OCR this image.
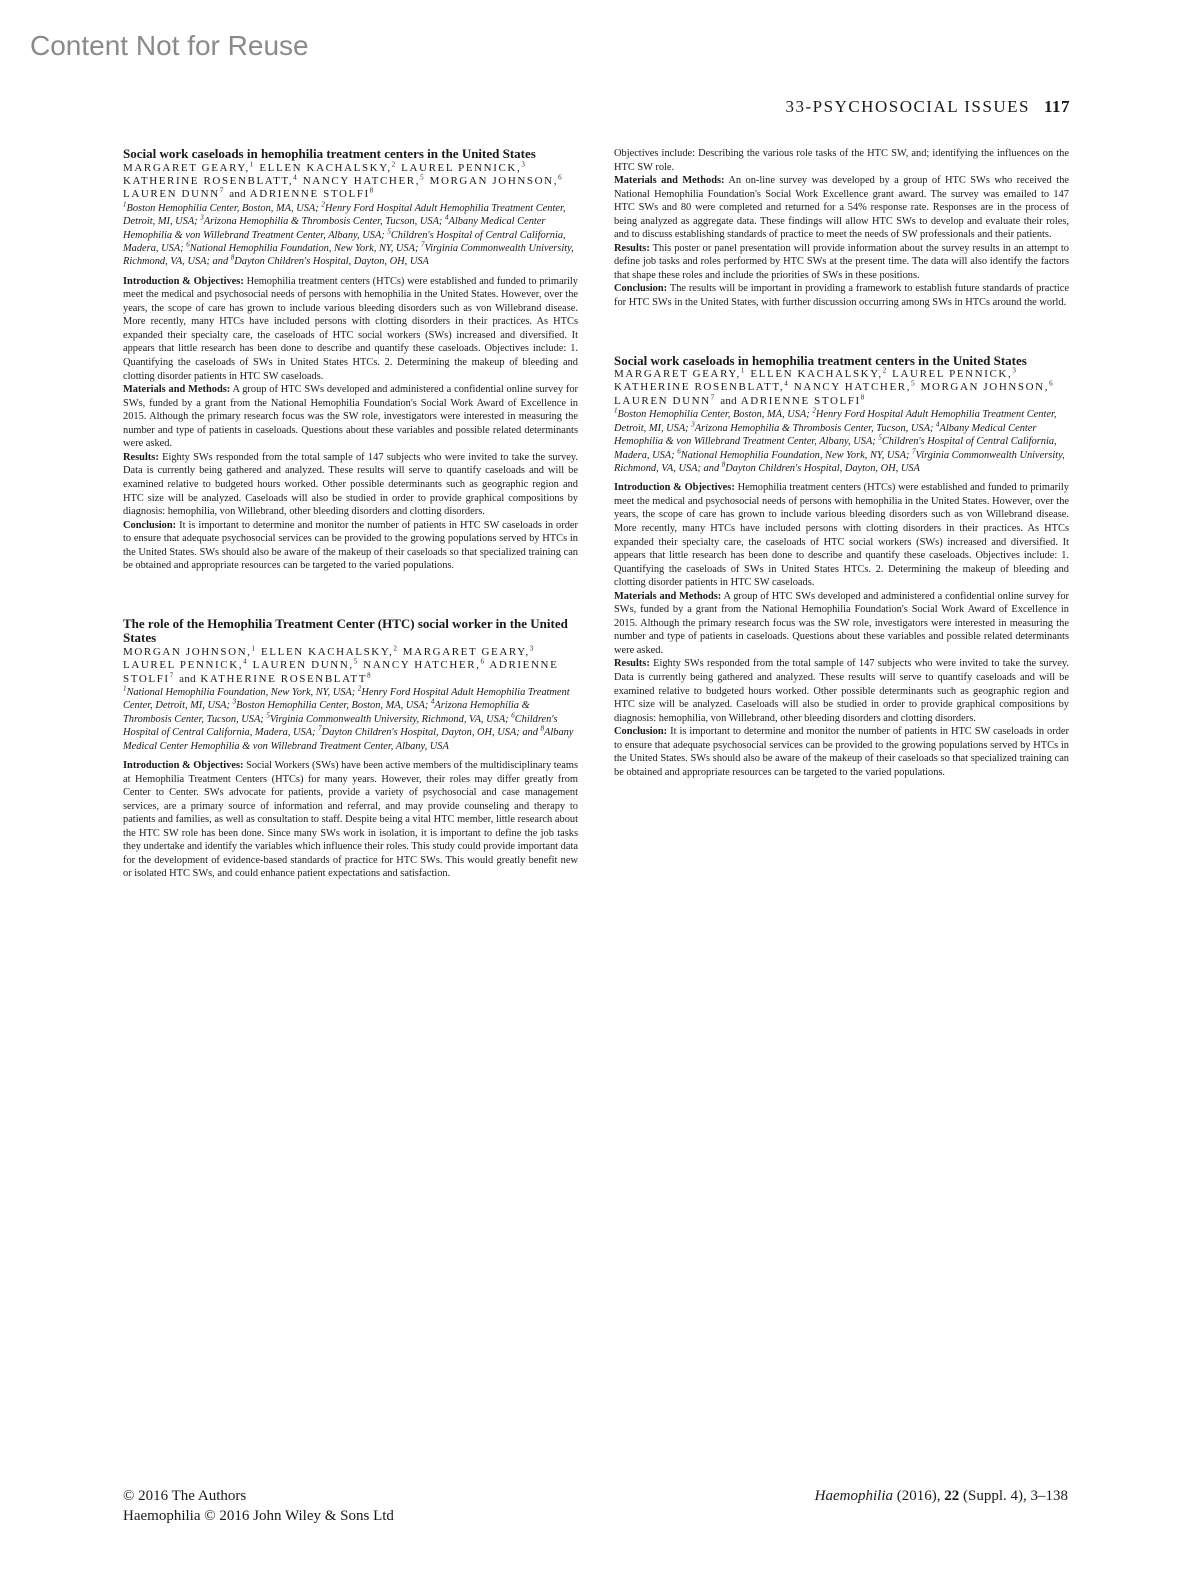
Content Not for Reuse
33-PSYCHOSOCIAL ISSUES 117
Social work caseloads in hemophilia treatment centers in the United States
MARGARET GEARY,$^1$ ELLEN KACHALSKY,$^2$ LAUREL PENNICK,$^3$ KATHERINE ROSENBLATT,$^4$ NANCY HATCHER,$^5$ MORGAN JOHNSON,$^6$ LAUREN DUNN$^7$ and ADRIENNE STOLFI$^8$
$^1$Boston Hemophilia Center, Boston, MA, USA; $^2$Henry Ford Hospital Adult Hemophilia Treatment Center, Detroit, MI, USA; $^3$Arizona Hemophilia & Thrombosis Center, Tucson, USA; $^4$Albany Medical Center Hemophilia & von Willebrand Treatment Center, Albany, USA; $^5$Children's Hospital of Central California, Madera, USA; $^6$National Hemophilia Foundation, New York, NY, USA; $^7$Virginia Commonwealth University, Richmond, VA, USA; and $^8$Dayton Children's Hospital, Dayton, OH, USA

Introduction & Objectives: Hemophilia treatment centers (HTCs) were established and funded to primarily meet the medical and psychosocial needs of persons with hemophilia in the United States. However, over the years, the scope of care has grown to include various bleeding disorders such as von Willebrand disease. More recently, many HTCs have included persons with clotting disorders in their practices. As HTCs expanded their specialty care, the caseloads of HTC social workers (SWs) increased and diversified. It appears that little research has been done to describe and quantify these caseloads. Objectives include: 1. Quantifying the caseloads of SWs in United States HTCs. 2. Determining the makeup of bleeding and clotting disorder patients in HTC SW caseloads.

Materials and Methods: A group of HTC SWs developed and administered a confidential online survey for SWs, funded by a grant from the National Hemophilia Foundation's Social Work Award of Excellence in 2015. Although the primary research focus was the SW role, investigators were interested in measuring the number and type of patients in caseloads. Questions about these variables and possible related determinants were asked.

Results: Eighty SWs responded from the total sample of 147 subjects who were invited to take the survey. Data is currently being gathered and analyzed. These results will serve to quantify caseloads and will be examined relative to budgeted hours worked. Other possible determinants such as geographic region and HTC size will be analyzed. Caseloads will also be studied in order to provide graphical compositions by diagnosis: hemophilia, von Willebrand, other bleeding disorders and clotting disorders.

Conclusion: It is important to determine and monitor the number of patients in HTC SW caseloads in order to ensure that adequate psychosocial services can be provided to the growing populations served by HTCs in the United States. SWs should also be aware of the makeup of their caseloads so that specialized training can be obtained and appropriate resources can be targeted to the varied populations.

The role of the Hemophilia Treatment Center (HTC) social worker in the United States
MORGAN JOHNSON,$^1$ ELLEN KACHALSKY,$^2$ MARGARET GEARY,$^3$ LAUREL PENNICK,$^4$ LAUREN DUNN,$^5$ NANCY HATCHER,$^6$ ADRIENNE STOLFI$^7$ and KATHERINE ROSENBLATT$^8$
$^1$National Hemophilia Foundation, New York, NY, USA; $^2$Henry Ford Hospital Adult Hemophilia Treatment Center, Detroit, MI, USA; $^3$Boston Hemophilia Center, Boston, MA, USA; $^4$Arizona Hemophilia & Thrombosis Center, Tucson, USA; $^5$Virginia Commonwealth University, Richmond, VA, USA; $^6$Children's Hospital of Central California, Madera, USA; $^7$Dayton Children's Hospital, Dayton, OH, USA; and $^8$Albany Medical Center Hemophilia & von Willebrand Treatment Center, Albany, USA

Introduction & Objectives: Social Workers (SWs) have been active members of the multidisciplinary teams at Hemophilia Treatment Centers (HTCs) for many years. However, their roles may differ greatly from Center to Center. SWs advocate for patients, provide a variety of psychosocial and case management services, are a primary source of information and referral, and may provide counseling and therapy to patients and families, as well as consultation to staff. Despite being a vital HTC member, little research about the HTC SW role has been done. Since many SWs work in isolation, it is important to define the job tasks they undertake and identify the variables which influence their roles. This study could provide important data for the development of evidence-based standards of practice for HTC SWs. This would greatly benefit new or isolated HTC SWs, and could enhance patient expectations and satisfaction.

Objectives include: Describing the various role tasks of the HTC SW, and; identifying the influences on the HTC SW role.

Materials and Methods: An on-line survey was developed by a group of HTC SWs who received the National Hemophilia Foundation's Social Work Excellence grant award. The survey was emailed to 147 HTC SWs and 80 were completed and returned for a 54% response rate. Responses are in the process of being analyzed as aggregate data. These findings will allow HTC SWs to develop and evaluate their roles, and to discuss establishing standards of practice to meet the needs of SW professionals and their patients.

Results: This poster or panel presentation will provide information about the survey results in an attempt to define job tasks and roles performed by HTC SWs at the present time. The data will also identify the factors that shape these roles and include the priorities of SWs in these positions.

Conclusion: The results will be important in providing a framework to establish future standards of practice for HTC SWs in the United States, with further discussion occurring among SWs in HTCs around the world.

Social work caseloads in hemophilia treatment centers in the United States
MARGARET GEARY,$^1$ ELLEN KACHALSKY,$^2$ LAUREL PENNICK,$^3$ KATHERINE ROSENBLATT,$^4$ NANCY HATCHER,$^5$ MORGAN JOHNSON,$^6$ LAUREN DUNN$^7$ and ADRIENNE STOLFI$^8$
$^1$Boston Hemophilia Center, Boston, MA, USA; $^2$Henry Ford Hospital Adult Hemophilia Treatment Center, Detroit, MI, USA; $^3$Arizona Hemophilia & Thrombosis Center, Tucson, USA; $^4$Albany Medical Center Hemophilia & von Willebrand Treatment Center, Albany, USA; $^5$Children's Hospital of Central California, Madera, USA; $^6$National Hemophilia Foundation, New York, NY, USA; $^7$Virginia Commonwealth University, Richmond, VA, USA; and $^8$Dayton Children's Hospital, Dayton, OH, USA

Introduction & Objectives: Hemophilia treatment centers (HTCs) were established and funded to primarily meet the medical and psychosocial needs of persons with hemophilia in the United States. However, over the years, the scope of care has grown to include various bleeding disorders such as von Willebrand disease. More recently, many HTCs have included persons with clotting disorders in their practices. As HTCs expanded their specialty care, the caseloads of HTC social workers (SWs) increased and diversified. It appears that little research has been done to describe and quantify these caseloads. Objectives include: 1. Quantifying the caseloads of SWs in United States HTCs. 2. Determining the makeup of bleeding and clotting disorder patients in HTC SW caseloads.

Materials and Methods: A group of HTC SWs developed and administered a confidential online survey for SWs, funded by a grant from the National Hemophilia Foundation's Social Work Award of Excellence in 2015. Although the primary research focus was the SW role, investigators were interested in measuring the number and type of patients in caseloads. Questions about these variables and possible related determinants were asked.

Results: Eighty SWs responded from the total sample of 147 subjects who were invited to take the survey. Data is currently being gathered and analyzed. These results will serve to quantify caseloads and will be examined relative to budgeted hours worked. Other possible determinants such as geographic region and HTC size will be analyzed. Caseloads will also be studied in order to provide graphical compositions by diagnosis: hemophilia, von Willebrand, other bleeding disorders and clotting disorders.

Conclusion: It is important to determine and monitor the number of patients in HTC SW caseloads in order to ensure that adequate psychosocial services can be provided to the growing populations served by HTCs in the United States. SWs should also be aware of the makeup of their caseloads so that specialized training can be obtained and appropriate resources can be targeted to the varied populations.

© 2016 The Authors
Haemophilia © 2016 John Wiley & Sons Ltd
Haemophilia (2016), 22 (Suppl. 4), 3–138
